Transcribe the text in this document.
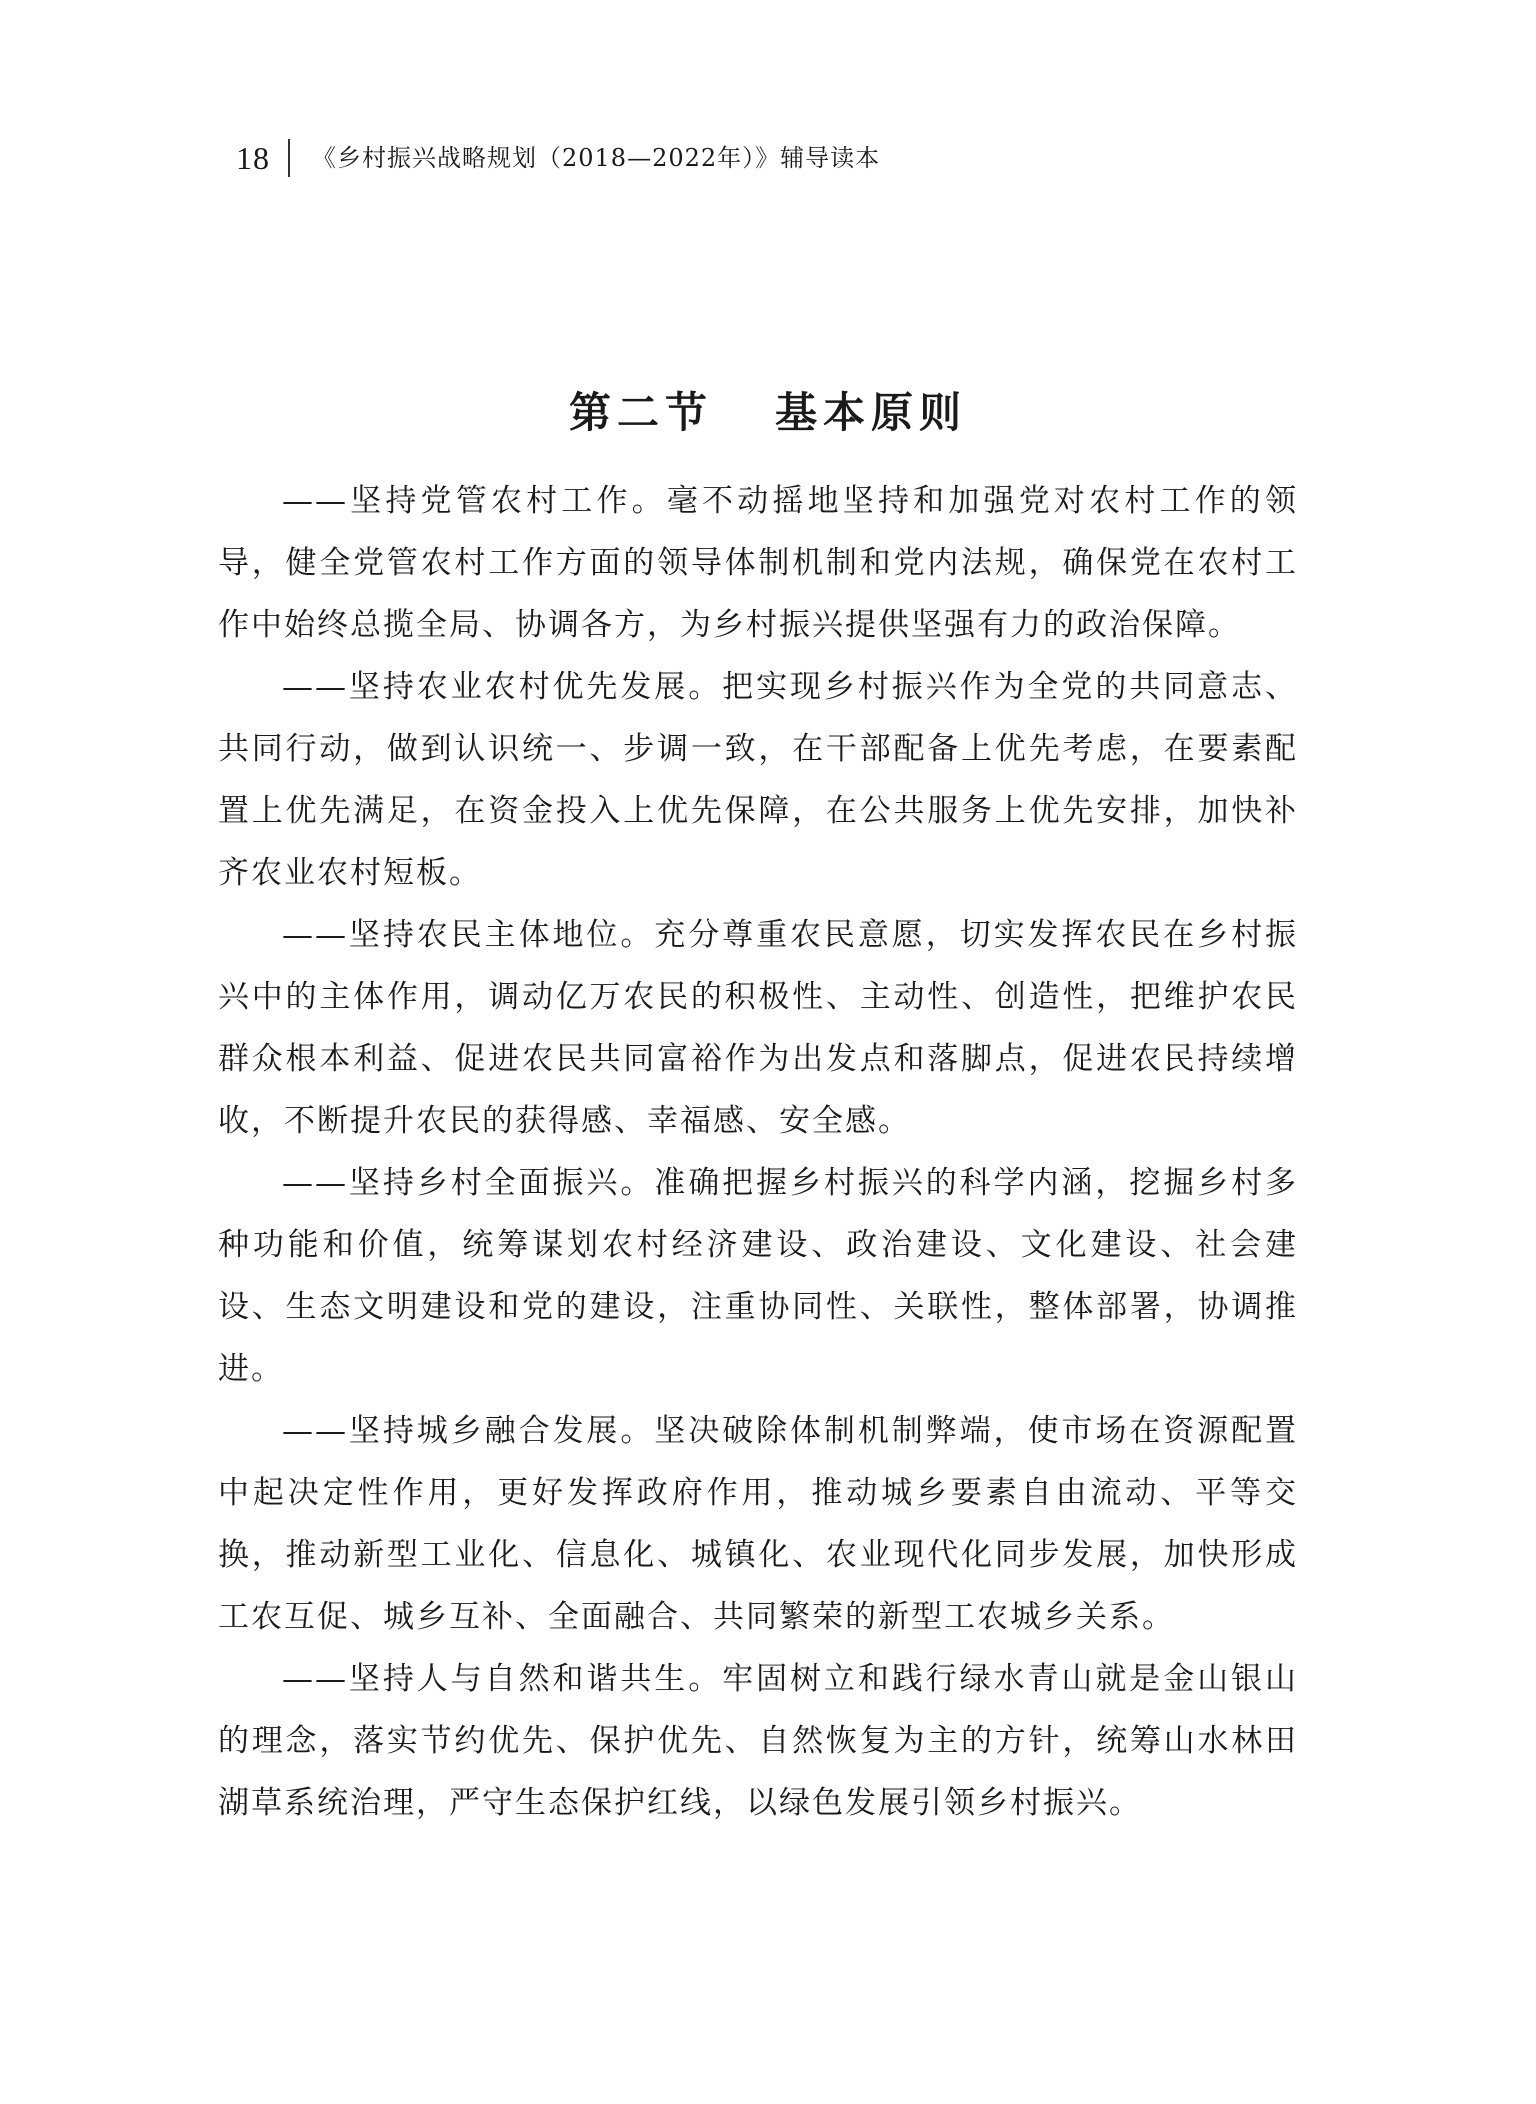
18 《乡村振兴战略规划（2018—2022年）》辅导读本
第二节 基本原则

——坚持党管农村工作。毫不动摇地坚持和加强党对农村工作的领导，健全党管农村工作方面的领导体制机制和党内法规，确保党在农村工作中始终总揽全局、协调各方，为乡村振兴提供坚强有力的政治保障。

——坚持农业农村优先发展。把实现乡村振兴作为全党的共同意志、共同行动，做到认识统一、步调一致，在干部配备上优先考虑，在要素配置上优先满足，在资金投入上优先保障，在公共服务上优先安排，加快补齐农业农村短板。

——坚持农民主体地位。充分尊重农民意愿，切实发挥农民在乡村振兴中的主体作用，调动亿万农民的积极性、主动性、创造性，把维护农民群众根本利益、促进农民共同富裕作为出发点和落脚点，促进农民持续增收，不断提升农民的获得感、幸福感、安全感。

——坚持乡村全面振兴。准确把握乡村振兴的科学内涵，挖掘乡村多种功能和价值，统筹谋划农村经济建设、政治建设、文化建设、社会建设、生态文明建设和党的建设，注重协同性、关联性，整体部署，协调推进。

——坚持城乡融合发展。坚决破除体制机制弊端，使市场在资源配置中起决定性作用，更好发挥政府作用，推动城乡要素自由流动、平等交换，推动新型工业化、信息化、城镇化、农业现代化同步发展，加快形成工农互促、城乡互补、全面融合、共同繁荣的新型工农城乡关系。

——坚持人与自然和谐共生。牢固树立和践行绿水青山就是金山银山的理念，落实节约优先、保护优先、自然恢复为主的方针，统筹山水林田湖草系统治理，严守生态保护红线，以绿色发展引领乡村振兴。
